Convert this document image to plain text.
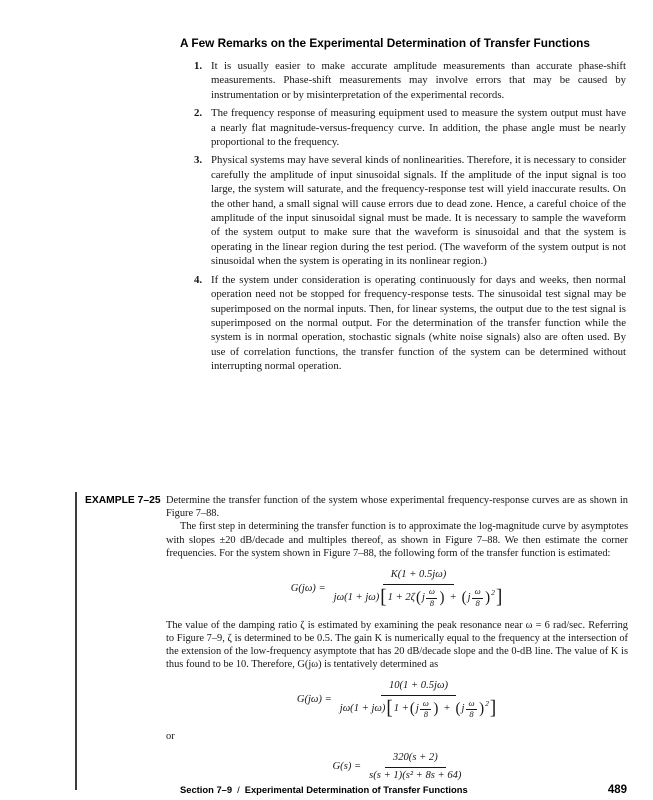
A Few Remarks on the Experimental Determination of Transfer Functions
1. It is usually easier to make accurate amplitude measurements than accurate phase-shift measurements. Phase-shift measurements may involve errors that may be caused by instrumentation or by misinterpretation of the experimental records.
2. The frequency response of measuring equipment used to measure the system output must have a nearly flat magnitude-versus-frequency curve. In addition, the phase angle must be nearly proportional to the frequency.
3. Physical systems may have several kinds of nonlinearities. Therefore, it is necessary to consider carefully the amplitude of input sinusoidal signals. If the amplitude of the input signal is too large, the system will saturate, and the frequency-response test will yield inaccurate results. On the other hand, a small signal will cause errors due to dead zone. Hence, a careful choice of the amplitude of the input sinusoidal signal must be made. It is necessary to sample the waveform of the system output to make sure that the waveform is sinusoidal and that the system is operating in the linear region during the test period. (The waveform of the system output is not sinusoidal when the system is operating in its nonlinear region.)
4. If the system under consideration is operating continuously for days and weeks, then normal operation need not be stopped for frequency-response tests. The sinusoidal test signal may be superimposed on the normal inputs. Then, for linear systems, the output due to the test signal is superimposed on the normal output. For the determination of the transfer function while the system is in normal operation, stochastic signals (white noise signals) also are often used. By use of correlation functions, the transfer function of the system can be determined without interrupting normal operation.
EXAMPLE 7–25 Determine the transfer function of the system whose experimental frequency-response curves are as shown in Figure 7–88.

The first step in determining the transfer function is to approximate the log-magnitude curve by asymptotes with slopes ±20 dB/decade and multiples thereof, as shown in Figure 7–88. We then estimate the corner frequencies. For the system shown in Figure 7–88, the following form of the transfer function is estimated:

G(jω) =
K(1 + 0.5jω)
jω(1 + jω) [ 1 + 2ζ ( j
ω
8 ) + ( j
ω
8 )$^2$ ]

The value of the damping ratio ζ is estimated by examining the peak resonance near ω = 6 rad/sec. Referring to Figure 7–9, ζ is determined to be 0.5. The gain K is numerically equal to the frequency at the intersection of the extension of the low-frequency asymptote that has 20 dB/decade slope and the 0-dB line. The value of K is thus found to be 10. Therefore, G(jω) is tentatively determined as

G(jω) =
10(1 + 0.5jω)
jω(1 + jω) [ 1 + ( j
ω
8 ) + ( j
ω
8 )$^2$ ]

or

$G(s) = \frac{320(s + 2)}{\text{s(s + 1)(s² + 8s + 64)}}$
Section 7–9 / Experimental Determination of Transfer Functions	489
